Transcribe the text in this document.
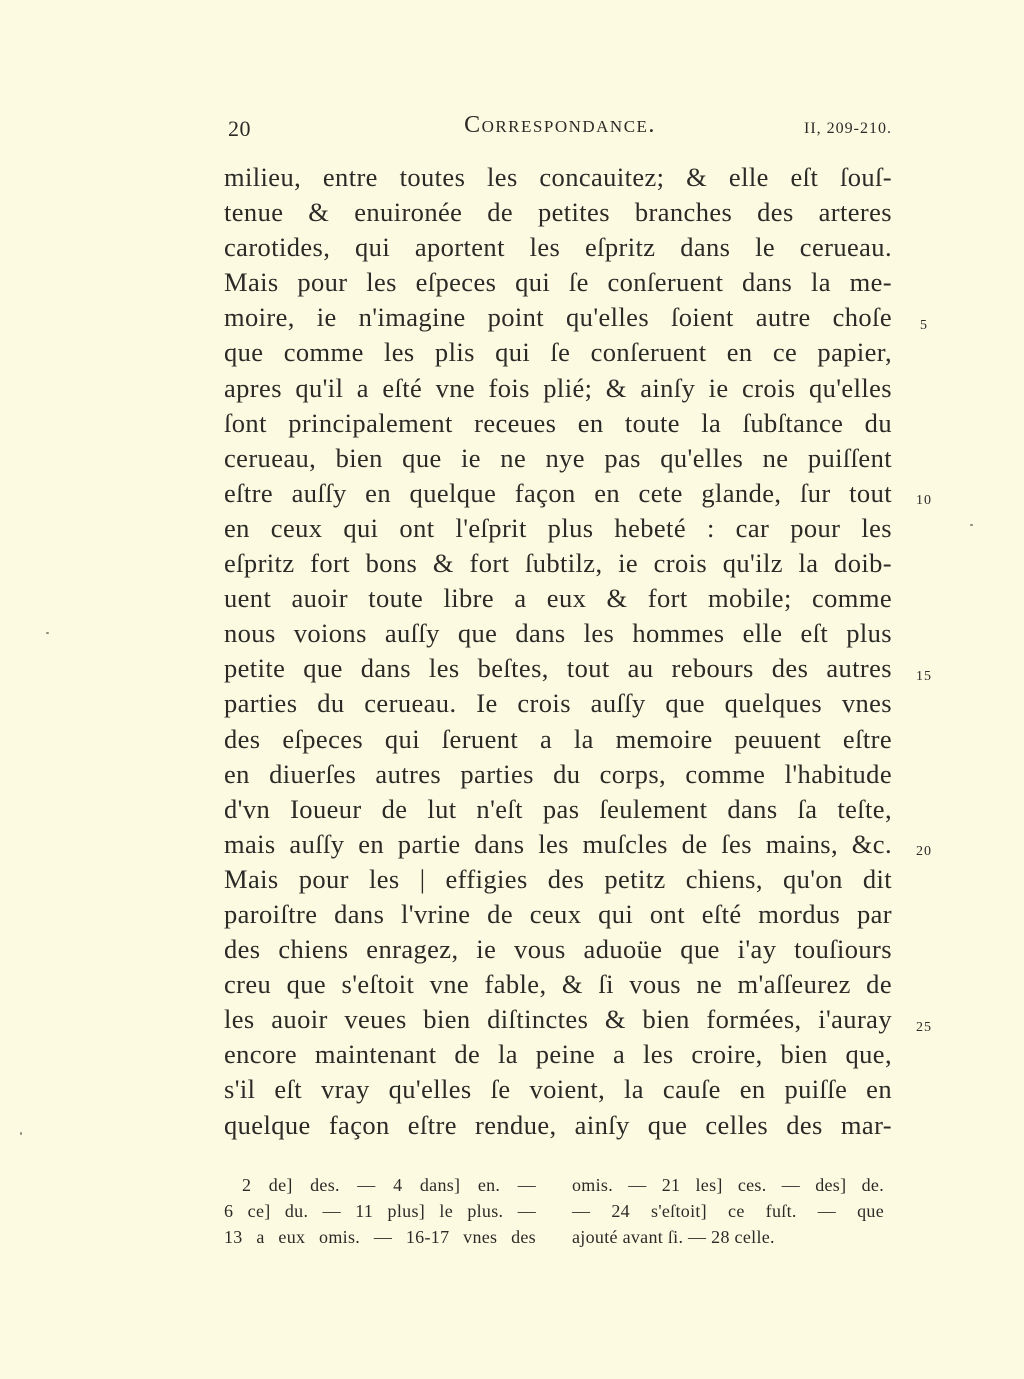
20	Correspondance.	II, 209-210.
milieu, entre toutes les concauitez; & elle eſt ſouſ-
tenue & enuironée de petites branches des arteres
carotides, qui aportent les eſpritz dans le cerueau.
Mais pour les eſpeces qui ſe conſeruent dans la me-
moire, ie n'imagine point qu'elles ſoient autre choſe
que comme les plis qui ſe conſeruent en ce papier,
apres qu'il a eſté vne fois plié; & ainſy ie crois qu'elles
ſont principalement receues en toute la ſubſtance du
cerueau, bien que ie ne nye pas qu'elles ne puiſſent
eſtre auſſy en quelque façon en cete glande, ſur tout
en ceux qui ont l'eſprit plus hebeté : car pour les
eſpritz fort bons & fort ſubtilz, ie crois qu'ilz la doib-
uent auoir toute libre a eux & fort mobile; comme
nous voions auſſy que dans les hommes elle eſt plus
petite que dans les beſtes, tout au rebours des autres
parties du cerueau. Ie crois auſſy que quelques vnes
des eſpeces qui ſeruent a la memoire peuuent eſtre
en diuerſes autres parties du corps, comme l'habitude
d'vn Ioueur de lut n'eſt pas ſeulement dans ſa teſte,
mais auſſy en partie dans les muſcles de ſes mains, &c.
Mais pour les | effigies des petitz chiens, qu'on dit
paroiſtre dans l'vrine de ceux qui ont eſté mordus par
des chiens enragez, ie vous aduoüe que i'ay touſiours
creu que s'eſtoit vne fable, & ſi vous ne m'aſſeurez de
les auoir veues bien diſtinctes & bien formées, i'auray
encore maintenant de la peine a les croire, bien que,
s'il eſt vray qu'elles ſe voient, la cauſe en puiſſe en
quelque façon eſtre rendue, ainſy que celles des mar-
5
10
15
20
25
2 de] des. — 4 dans] en. —
6 ce] du. — 11 plus] le plus. —
13 a eux omis. — 16-17 vnes des
omis. — 21 les] ces. — des] de.
— 24 s'eſtoit] ce fuſt. — que
ajouté avant ſi. — 28 celle.
